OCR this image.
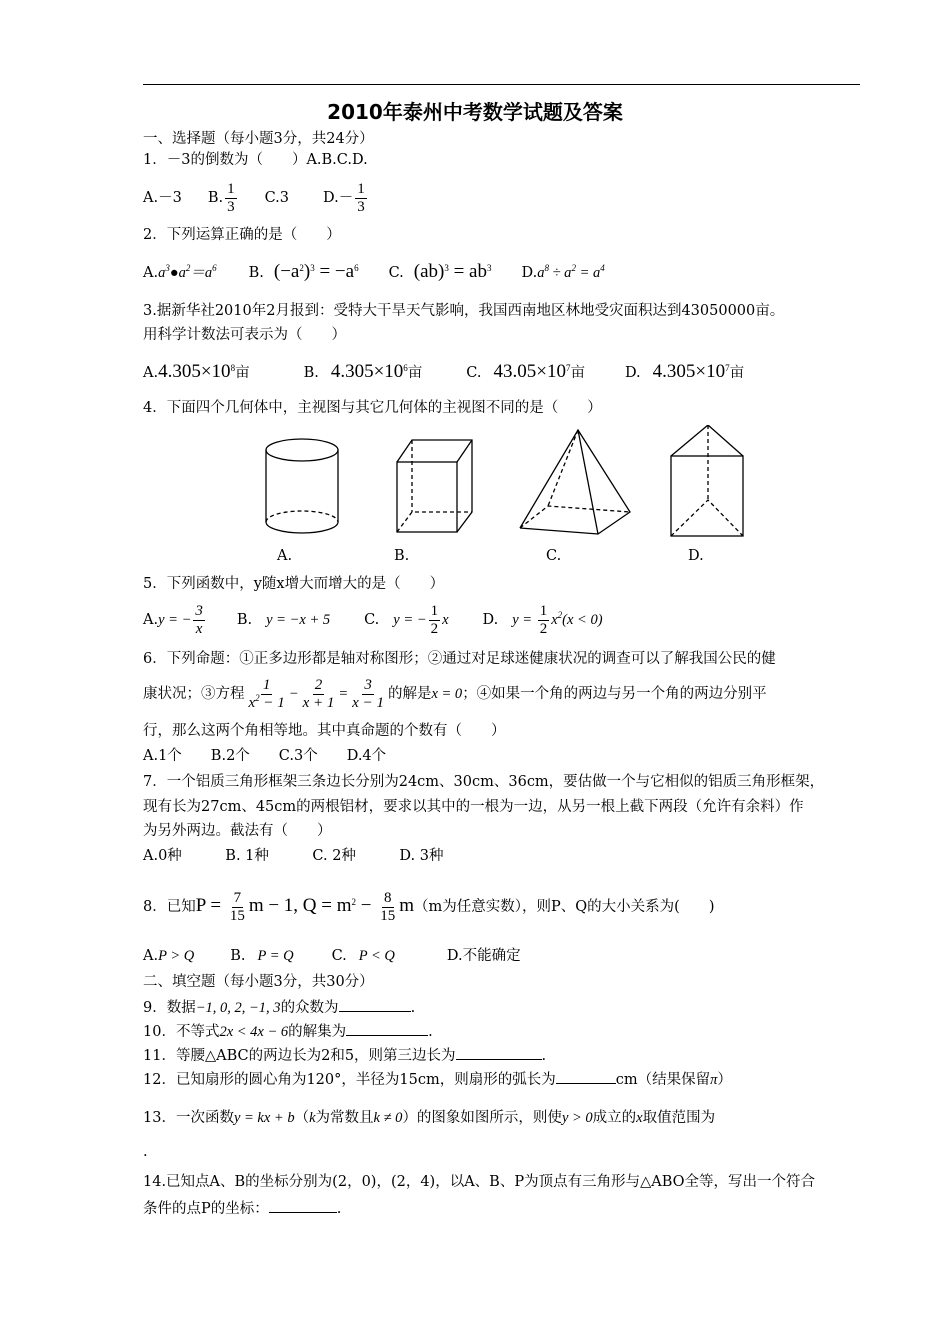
2010年泰州中考数学试题及答案
一、选择题（每小题3分，共24分）
1．－3的倒数为（　　）A.B.C.D.
A.－3 B. $\frac{1}{3} C.3$ $D.- \frac{1}{3}$
2．下列运算正确的是（　　）
$A.a^3●a^2=a^6$ B. $(-a^2)^3 = -a^6$ C. $(ab)^3 = ab^3$ $D.a^8 \div a^2 = a^4$
3.据新华社2010年2月报到：受特大干旱天气影响，我国西南地区林地受灾面积达到43050000亩。
用科学计数法可表示为（　　）
$A.4.305\times 10^8$亩	B. $4.305\times 10^6$亩	C. $43.05\times 10^7$亩	D. $4.305\times 10^7$亩
4．下面四个几何体中，主视图与其它几何体的主视图不同的是（　　）
A.	B.	C.	D.
5．下列函数中，y随x增大而增大的是（　　）
A.y = − $\frac{3}{x} B$. y = −x + 5 C. y = − $\frac{1}{2}$ x D. $y = \frac{1}{2} x^2(x < 0)$
6．下列命题：①正多边形都是轴对称图形；②通过对足球迷健康状况的调查可以了解我国公民的健
康状况；③方程 $\frac{1}{x^2 - 1} - \frac{2}{x + 1} = \frac{3}{x - 1}$ 的解是x = 0；④如果一个角的两边与另一个角的两边分别平
行，那么这两个角相等地。其中真命题的个数有（　　）
A.1个　　B.2个　　C.3个　　D.4个
7．一个铝质三角形框架三条边长分别为24cm、30cm、36cm，要估做一个与它相似的铝质三角形框架，
现有长为27cm、45cm的两根铝材，要求以其中的一根为一边，从另一根上截下两段（允许有余料）作
为另外两边。截法有（　　）
A.0种　　　B. 1种　　　C. 2种　　　D. 3种
8．已知$P = \frac{7}{15}$ m − 1, $Q = m^2 - \frac{8}{15} m(m$为任意实数），则P、Q的大小关系为(　　)
A.P > Q B. P = Q	C. P < Q	D.不能确定
二、填空题（每小题3分，共30分）
9．数据−1, 0, 2, −1, 3的众数为	.
10．不等式2x < 4x − 6的解集为	.
11．等腰△ABC的两边长为2和5，则第三边长为	.
12．已知扇形的圆心角为120°，半径为15cm，则扇形的弧长为	cm（结果保留π）
13．一次函数y = kx + b（k为常数且k ≠ 0）的图象如图所示，则使y > 0成立的x取值范围为
.
14.已知点A、B的坐标分别为(2，0)，(2，4)，以A、B、P为顶点有三角形与△ABO全等，写出一个符合
条件的点P的坐标：	.
